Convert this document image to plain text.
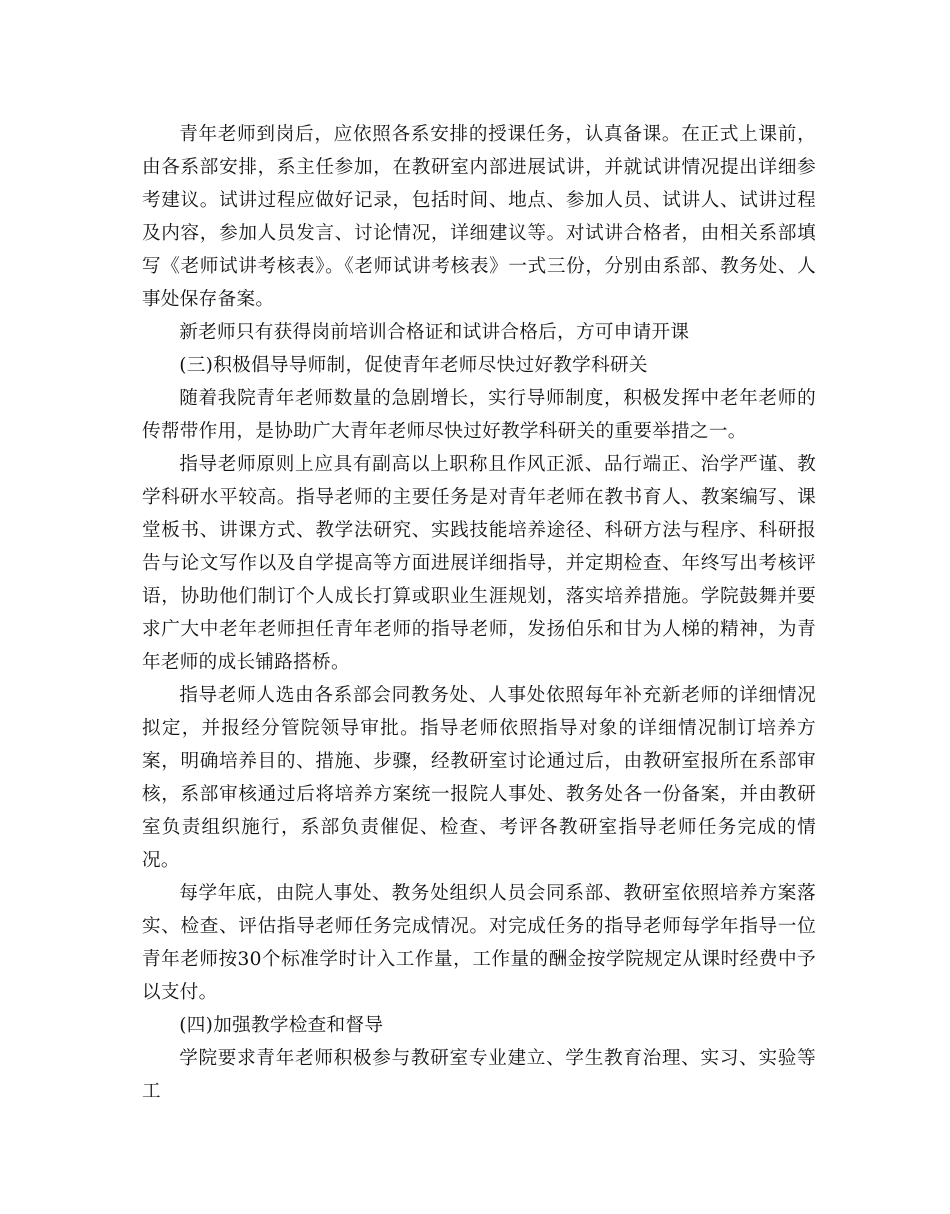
青年老师到岗后，应依照各系安排的授课任务，认真备课。在正式上课前，由各系部安排，系主任参加，在教研室内部进展试讲，并就试讲情况提出详细参考建议。试讲过程应做好记录，包括时间、地点、参加人员、试讲人、试讲过程及内容，参加人员发言、讨论情况，详细建议等。对试讲合格者，由相关系部填写《老师试讲考核表》。《老师试讲考核表》一式三份，分别由系部、教务处、人事处保存备案。

新老师只有获得岗前培训合格证和试讲合格后，方可申请开课

(三)积极倡导导师制，促使青年老师尽快过好教学科研关

随着我院青年老师数量的急剧增长，实行导师制度，积极发挥中老年老师的传帮带作用，是协助广大青年老师尽快过好教学科研关的重要举措之一。

指导老师原则上应具有副高以上职称且作风正派、品行端正、治学严谨、教学科研水平较高。指导老师的主要任务是对青年老师在教书育人、教案编写、课堂板书、讲课方式、教学法研究、实践技能培养途径、科研方法与程序、科研报告与论文写作以及自学提高等方面进展详细指导，并定期检查、年终写出考核评语，协助他们制订个人成长打算或职业生涯规划，落实培养措施。学院鼓舞并要求广大中老年老师担任青年老师的指导老师，发扬伯乐和甘为人梯的精神，为青年老师的成长铺路搭桥。

指导老师人选由各系部会同教务处、人事处依照每年补充新老师的详细情况拟定，并报经分管院领导审批。指导老师依照指导对象的详细情况制订培养方案，明确培养目的、措施、步骤，经教研室讨论通过后，由教研室报所在系部审核，系部审核通过后将培养方案统一报院人事处、教务处各一份备案，并由教研室负责组织施行，系部负责催促、检查、考评各教研室指导老师任务完成的情况。

每学年底，由院人事处、教务处组织人员会同系部、教研室依照培养方案落实、检查、评估指导老师任务完成情况。对完成任务的指导老师每学年指导一位青年老师按30个标准学时计入工作量，工作量的酬金按学院规定从课时经费中予以支付。

(四)加强教学检查和督导

学院要求青年老师积极参与教研室专业建立、学生教育治理、实习、实验等工
